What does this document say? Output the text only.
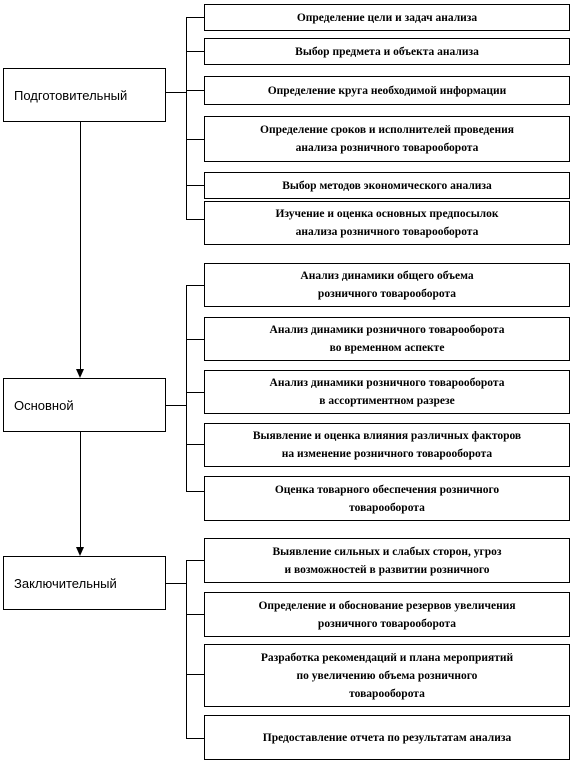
Подготовительный
Основной
Заключительный
Определение цели и задач анализа
Выбор предмета и объекта анализа
Определение круга необходимой информации
Определение сроков и исполнителей проведения
анализа розничного товарооборота
Выбор методов экономического анализа
Изучение и оценка основных предпосылок
анализа розничного товарооборота
Анализ динамики общего объема
розничного товарооборота
Анализ динамики розничного товарооборота
во временном аспекте
Анализ динамики розничного товарооборота
в ассортиментном разрезе
Выявление и оценка влияния различных факторов
на изменение розничного товарооборота
Оценка товарного обеспечения розничного
товарооборота
Выявление сильных и слабых сторон, угроз
и возможностей в развитии розничного
Определение и обоснование резервов увеличения
розничного товарооборота
Разработка рекомендаций и плана мероприятий
по увеличению объема розничного
товарооборота
Предоставление отчета по результатам анализа
